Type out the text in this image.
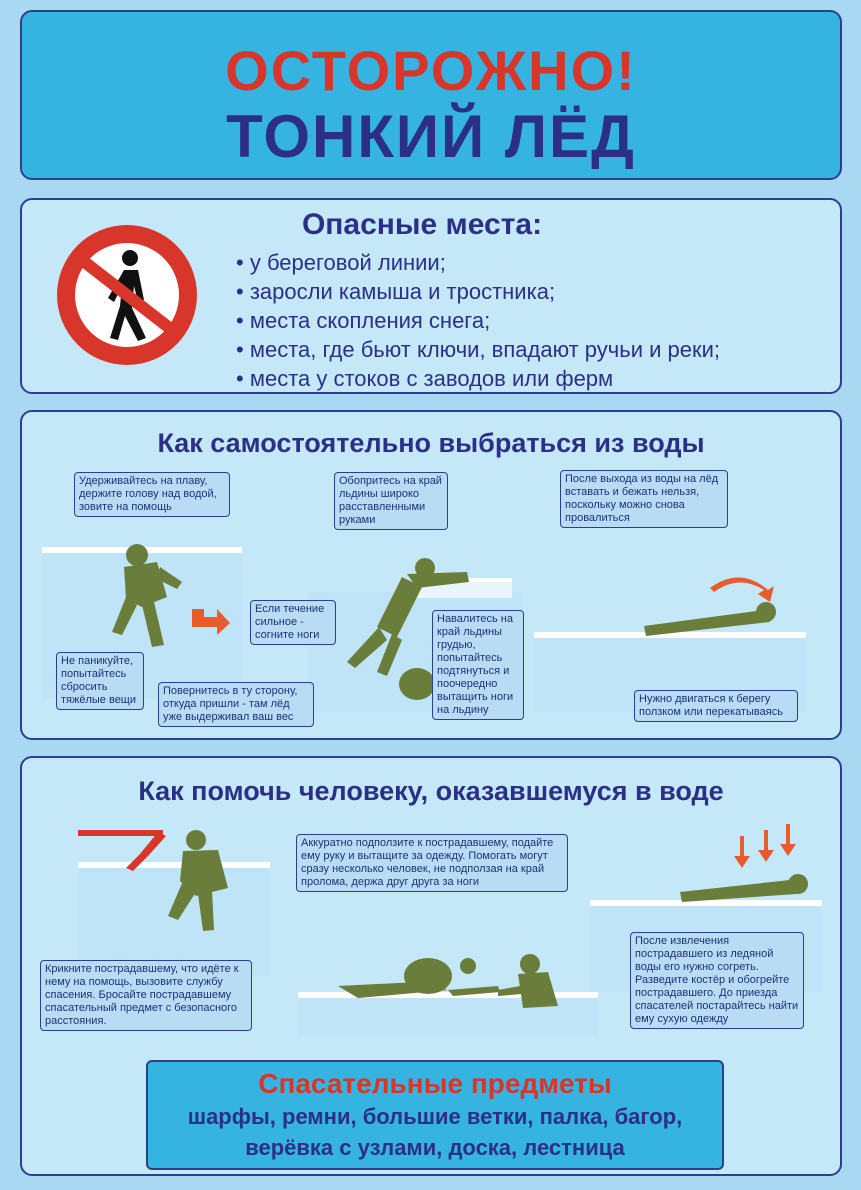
ОСТОРОЖНО!
ТОНКИЙ ЛЁД
Опасные места:
• у береговой линии;
• заросли камыша и тростника;
• места скопления снега;
• места, где бьют ключи, впадают ручьи и реки;
• места у стоков с заводов или ферм
Как самостоятельно выбраться из воды
Удерживайтесь на плаву, держите голову над водой, зовите на помощь
Не паникуйте, попытайтесь сбросить тяжёлые вещи
Повернитесь в ту сторону, откуда пришли - там лёд уже выдерживал ваш вес
Обопритесь на край льдины широко расставленными руками
Если течение сильное - согните ноги
Навалитесь на край льдины грудью, попытайтесь подтянуться и поочередно вытащить ноги на льдину
После выхода из воды на лёд вставать и бежать нельзя, поскольку можно снова провалиться
Нужно двигаться к берегу ползком или перекатываясь
Как помочь человеку, оказавшемуся в воде
Крикните пострадавшему, что идёте к нему на помощь, вызовите службу спасения. Бросайте пострадавшему спасательный предмет с безопасного расстояния.
Аккуратно подползите к пострадавшему, подайте ему руку и вытащите за одежду. Помогать могут сразу несколько человек, не подползая на край пролома, держа друг друга за ноги
После извлечения пострадавшего из ледяной воды его нужно согреть. Разведите костёр и обогрейте пострадавшего. До приезда спасателей постарайтесь найти ему сухую одежду
Спасательные предметы
шарфы, ремни, большие ветки, палка, багор,
верёвка с узлами, доска, лестница
